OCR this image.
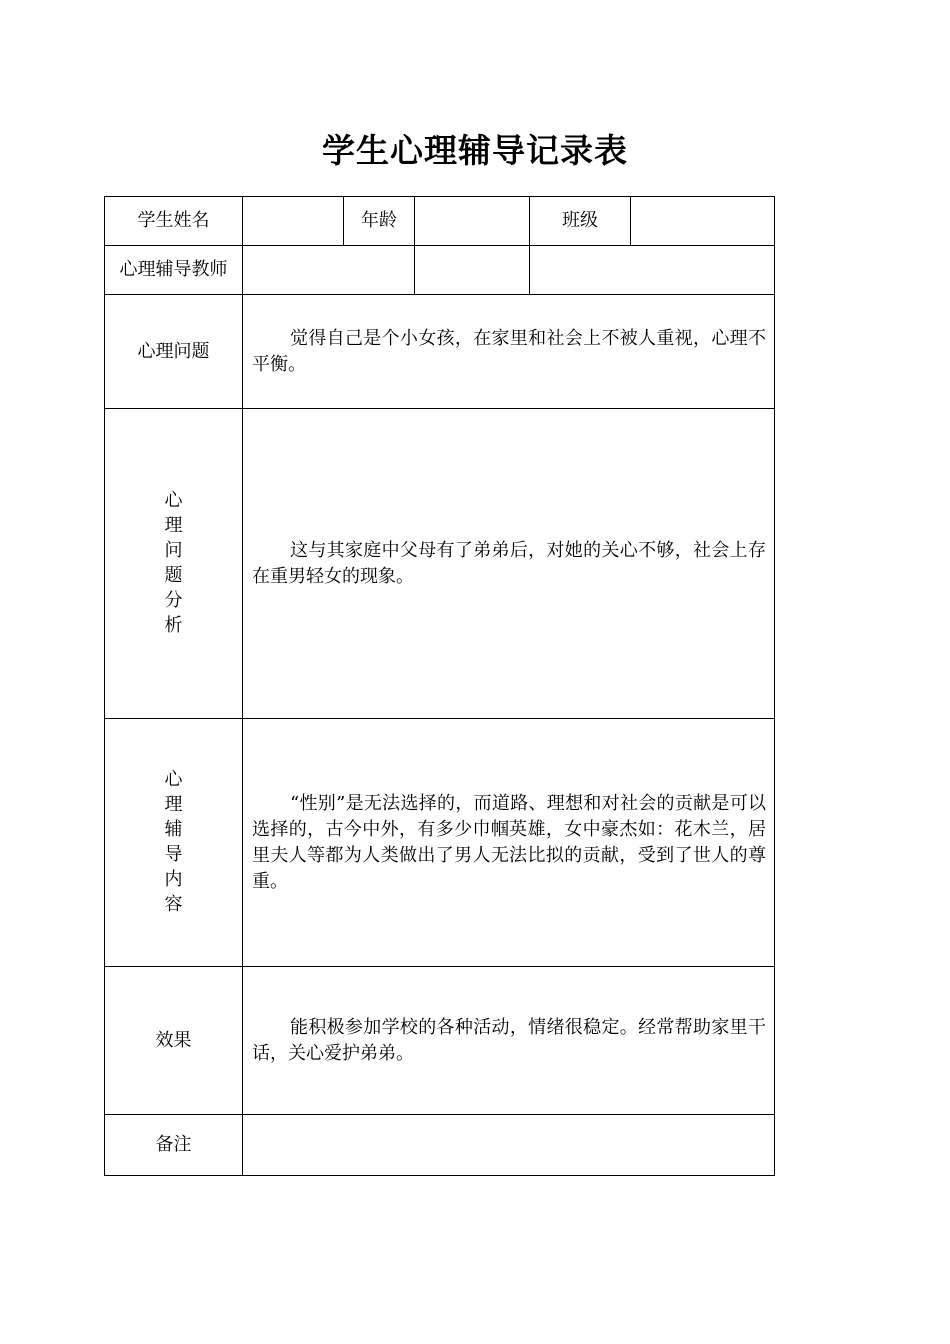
学生心理辅导记录表
学生姓名		年龄		班级	
心理辅导教师					
心理问题	觉得自己是个小女孩，在家里和社会上不被人重视，心理不平衡。				

心理问题分析	这与其家庭中父母有了弟弟后，对她的关心不够，社会上存在重男轻女的现象。				

心理辅导内容	“性别”是无法选择的，而道路、理想和对社会的贡献是可以选择的，古今中外，有多少巾帼英雄，女中豪杰如：花木兰，居里夫人等都为人类做出了男人无法比拟的贡献，受到了世人的尊重。				

效果	能积极参加学校的各种活动，情绪很稳定。经常帮助家里干话，关心爱护弟弟。				

备注					
